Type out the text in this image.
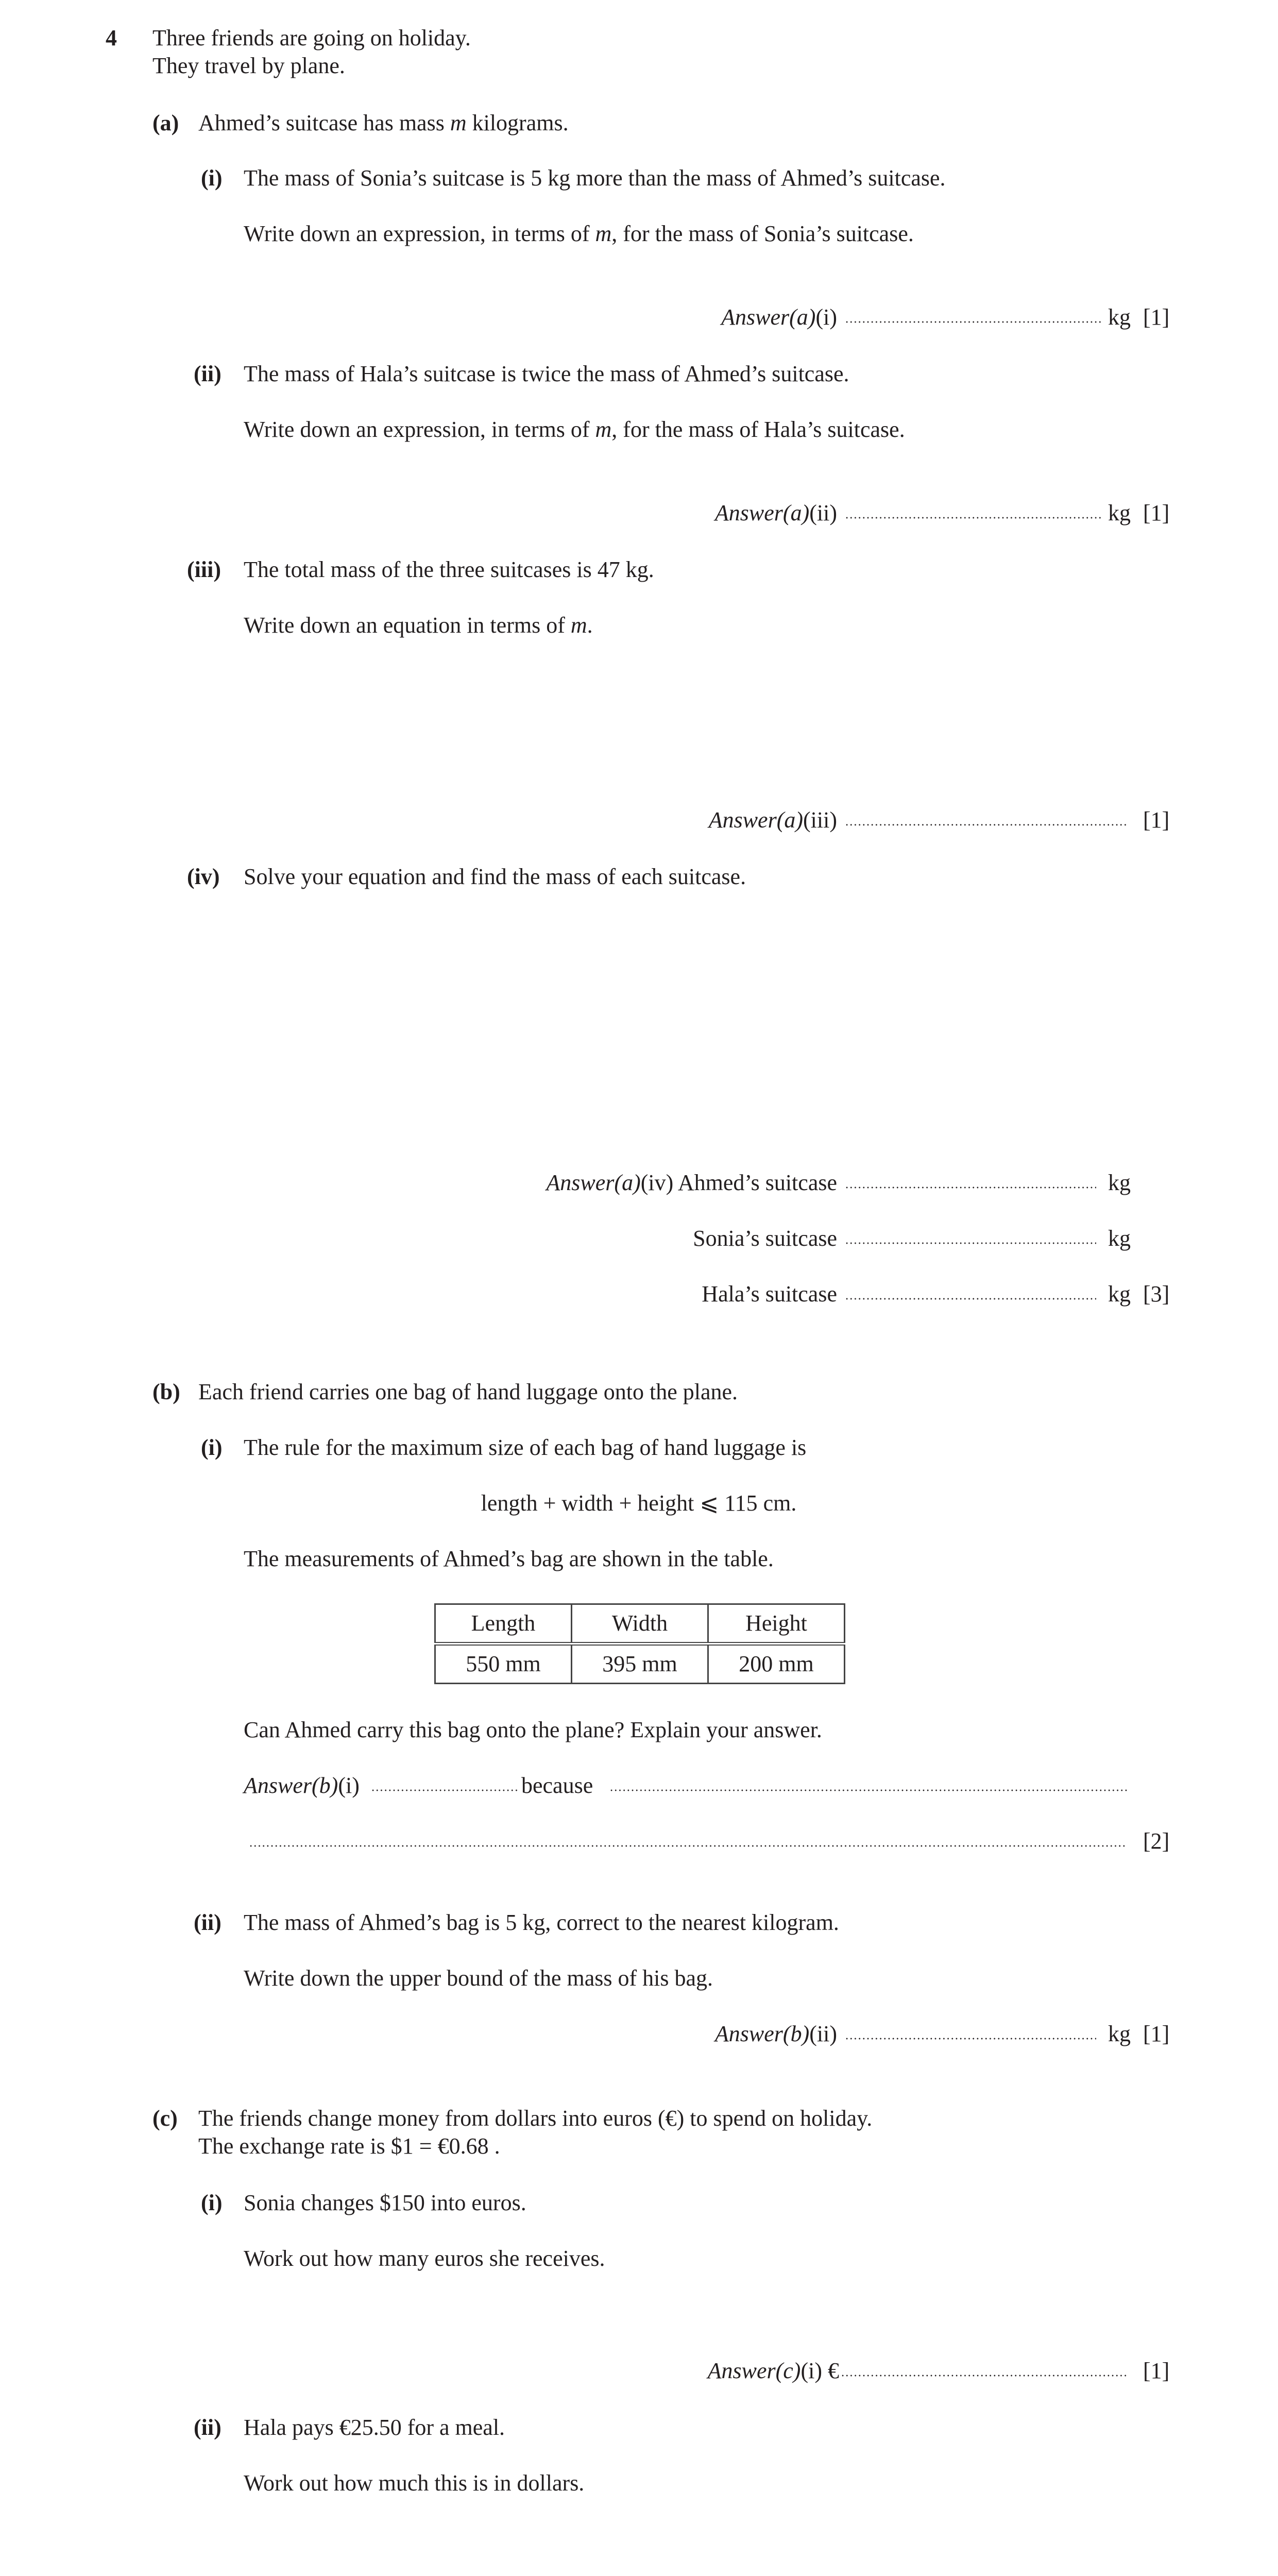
4 Three friends are going on holiday.
They travel by plane.
(a) Ahmed’s suitcase has mass m kilograms.
(i) The mass of Sonia’s suitcase is 5 kg more than the mass of Ahmed’s suitcase.
Write down an expression, in terms of m, for the mass of Sonia’s suitcase.
Answer(a)(i)	kg [1]
(ii) The mass of Hala’s suitcase is twice the mass of Ahmed’s suitcase.
Write down an expression, in terms of m, for the mass of Hala’s suitcase.
Answer(a)(ii)	kg [1]
(iii) The total mass of the three suitcases is 47 kg.
Write down an equation in terms of m.
Answer(a)(iii)	[1]
(iv) Solve your equation and find the mass of each suitcase.
Answer(a)(iv) Ahmed’s suitcase	kg
Sonia’s suitcase	kg
Hala’s suitcase	kg [3]
(b) Each friend carries one bag of hand luggage onto the plane.
(i) The rule for the maximum size of each bag of hand luggage is
length + width + height ⩽ 115 cm.
The measurements of Ahmed’s bag are shown in the table.
Length	Width	Height
550 mm	395 mm	200 mm
Can Ahmed carry this bag onto the plane? Explain your answer.
Answer(b)(i)	because
[2]
(ii) The mass of Ahmed’s bag is 5 kg, correct to the nearest kilogram.
Write down the upper bound of the mass of his bag.
Answer(b)(ii)	kg [1]
(c) The friends change money from dollars into euros (€) to spend on holiday.
The exchange rate is $1 = €0.68 .
(i) Sonia changes $150 into euros.
Work out how many euros she receives.
Answer(c)(i) €	[1]
(ii) Hala pays €25.50 for a meal.
Work out how much this is in dollars.
